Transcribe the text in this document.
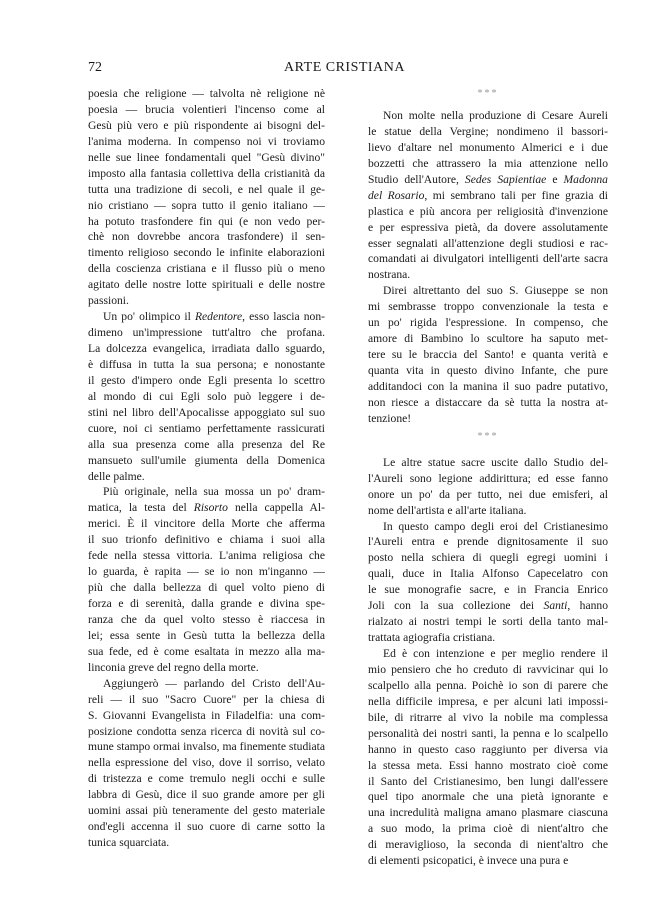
72	ARTE CRISTIANA
poesia che religione — talvolta nè religione nè
poesia — brucia volentieri l'incenso come al
Gesù più vero e più rispondente ai bisogni del-
l'anima moderna. In compenso noi vi troviamo
nelle sue linee fondamentali quel "Gesù divino"
imposto alla fantasia collettiva della cristianità da
tutta una tradizione di secoli, e nel quale il ge-
nio cristiano — sopra tutto il genio italiano —
ha potuto trasfondere fin qui (e non vedo per-
chè non dovrebbe ancora trasfondere) il sen-
timento religioso secondo le infinite elaborazioni
della coscienza cristiana e il flusso più o meno
agitato delle nostre lotte spirituali e delle nostre
passioni.
Un po' olimpico il Redentore, esso lascia non-
dimeno un'impressione tutt'altro che profana.
La dolcezza evangelica, irradiata dallo sguardo,
è diffusa in tutta la sua persona; e nonostante
il gesto d'impero onde Egli presenta lo scettro
al mondo di cui Egli solo può leggere i de-
stini nel libro dell'Apocalisse appoggiato sul suo
cuore, noi ci sentiamo perfettamente rassicurati
alla sua presenza come alla presenza del Re
mansueto sull'umile giumenta della Domenica
delle palme.
Più originale, nella sua mossa un po' dram-
matica, la testa del Risorto nella cappella Al-
merici. È il vincitore della Morte che afferma
il suo trionfo definitivo e chiama i suoi alla
fede nella stessa vittoria. L'anima religiosa che
lo guarda, è rapita — se io non m'inganno —
più che dalla bellezza di quel volto pieno di
forza e di serenità, dalla grande e divina spe-
ranza che da quel volto stesso è riaccesa in
lei; essa sente in Gesù tutta la bellezza della
sua fede, ed è come esaltata in mezzo alla ma-
linconia greve del regno della morte.
Aggiungerò — parlando del Cristo dell'Au-
reli — il suo "Sacro Cuore" per la chiesa di
S. Giovanni Evangelista in Filadelfia: una com-
posizione condotta senza ricerca di novità sul co-
mune stampo ormai invalso, ma finemente studiata
nella espressione del viso, dove il sorriso, velato
di tristezza e come tremulo negli occhi e sulle
labbra di Gesù, dice il suo grande amore per gli
uomini assai più teneramente del gesto materiale
ond'egli accenna il suo cuore di carne sotto la
tunica squarciata.
***
Non molte nella produzione di Cesare Aureli
le statue della Vergine; nondimeno il bassori-
lievo d'altare nel monumento Almerici e i due
bozzetti che attrassero la mia attenzione nello
Studio dell'Autore, Sedes Sapientiae e Madonna
del Rosario, mi sembrano tali per fine grazia di
plastica e più ancora per religiosità d'invenzione
e per espressiva pietà, da dovere assolutamente
esser segnalati all'attenzione degli studiosi e rac-
comandati ai divulgatori intelligenti dell'arte sacra
nostrana.
Direi altrettanto del suo S. Giuseppe se non
mi sembrasse troppo convenzionale la testa e
un po' rigida l'espressione. In compenso, che
amore di Bambino lo scultore ha saputo met-
tere su le braccia del Santo! e quanta verità e
quanta vita in questo divino Infante, che pure
additandoci con la manina il suo padre putativo,
non riesce a distaccare da sè tutta la nostra at-
tenzione!
***
Le altre statue sacre uscite dallo Studio del-
l'Aureli sono legione addirittura; ed esse fanno
onore un po' da per tutto, nei due emisferi, al
nome dell'artista e all'arte italiana.
In questo campo degli eroi del Cristianesimo
l'Aureli entra e prende dignitosamente il suo
posto nella schiera di quegli egregi uomini i
quali, duce in Italia Alfonso Capecelatro con
le sue monografie sacre, e in Francia Enrico
Joli con la sua collezione dei Santi, hanno
rialzato ai nostri tempi le sorti della tanto mal-
trattata agiografia cristiana.
Ed è con intenzione e per meglio rendere il
mio pensiero che ho creduto di ravvicinar qui lo
scalpello alla penna. Poichè io son di parere che
nella difficile impresa, e per alcuni lati impossi-
bile, di ritrarre al vivo la nobile ma complessa
personalità dei nostri santi, la penna e lo scalpello
hanno in questo caso raggiunto per diversa via
la stessa meta. Essi hanno mostrato cioè come
il Santo del Cristianesimo, ben lungi dall'essere
quel tipo anormale che una pietà ignorante e
una incredulità maligna amano plasmare ciascuna
a suo modo, la prima cioè di nient'altro che
di meraviglioso, la seconda di nient'altro che
di elementi psicopatici, è invece una pura e
